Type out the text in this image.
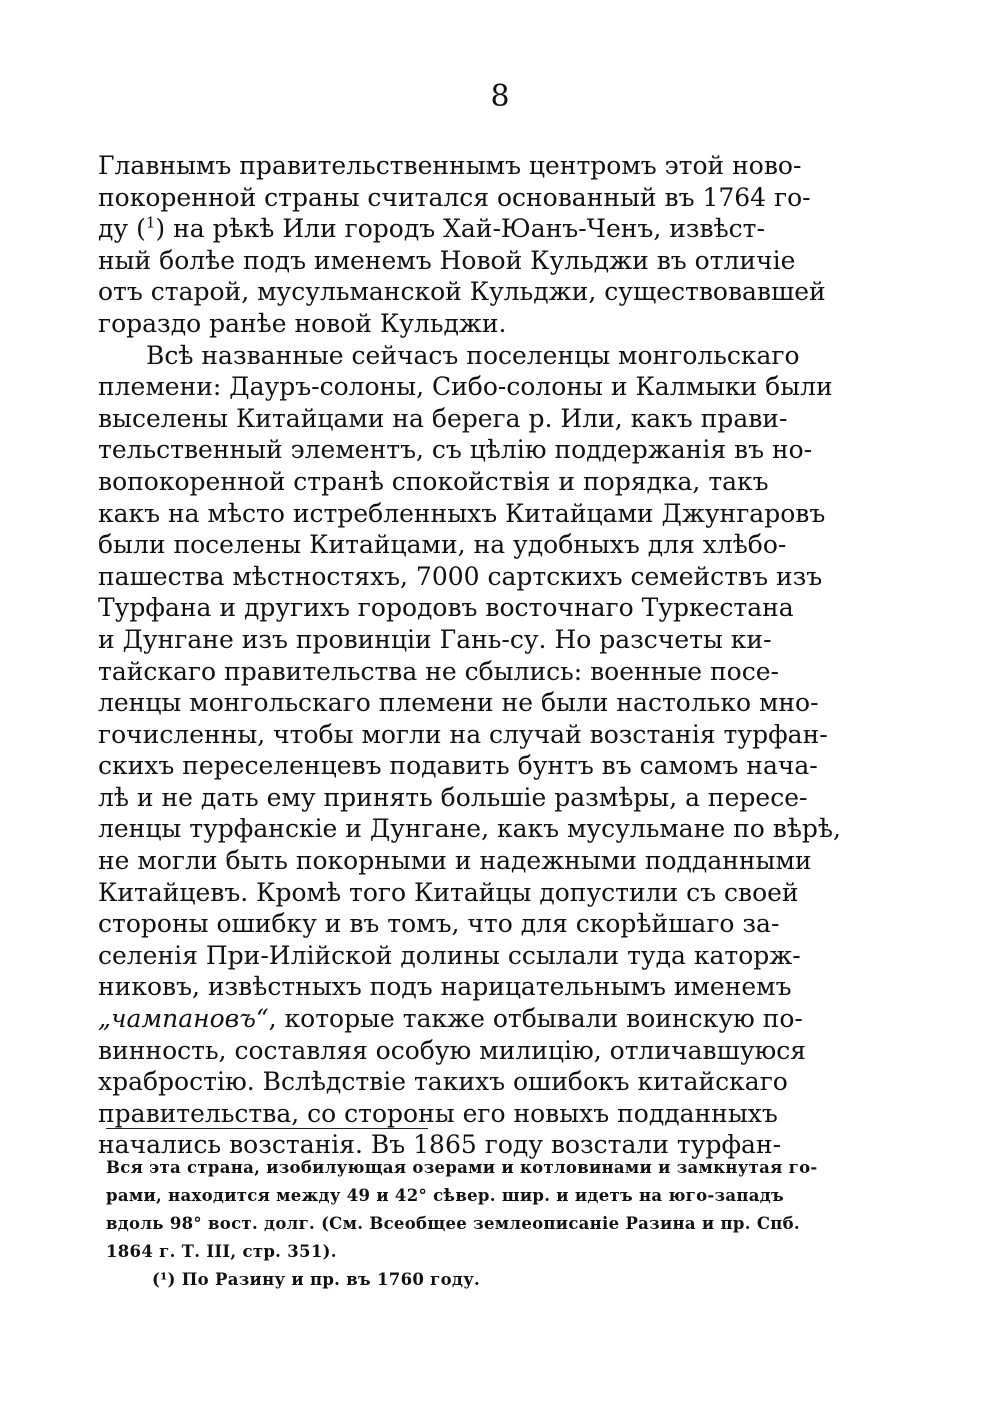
8
Главнымъ правительственнымъ центромъ этой ново-
покоренной страны считался основанный въ 1764 го-
ду ($^1$) на рѣкѣ Или городъ Хай-Юанъ-Ченъ, извѣст-
ный болѣе подъ именемъ Новой Кульджи въ отличіе
отъ старой, мусульманской Кульджи, существовавшей
гораздо ранѣе новой Кульджи.
Всѣ названные сейчасъ поселенцы монгольскаго
племени: Дауръ-солоны, Сибо-солоны и Калмыки были
выселены Китайцами на берега р. Или, какъ прави-
тельственный элементъ, съ цѣлію поддержанія въ но-
вопокоренной странѣ спокойствія и порядка, такъ
какъ на мѣсто истребленныхъ Китайцами Джунгаровъ
были поселены Китайцами, на удобныхъ для хлѣбо-
пашества мѣстностяхъ, 7000 сартскихъ семействъ изъ
Турфана и другихъ городовъ восточнаго Туркестана
и Дунгане изъ провинціи Гань-су. Но разсчеты ки-
тайскаго правительства не сбылись: военные посе-
ленцы монгольскаго племени не были настолько мно-
гочисленны, чтобы могли на случай возстанія турфан-
скихъ переселенцевъ подавить бунтъ въ самомъ нача-
лѣ и не дать ему принять большіе размѣры, а пересе-
ленцы турфанскіе и Дунгане, какъ мусульмане по вѣрѣ,
не могли быть покорными и надежными подданными
Китайцевъ. Кромѣ того Китайцы допустили съ своей
стороны ошибку и въ томъ, что для скорѣйшаго за-
селенія При-Илійской долины ссылали туда каторж-
никовъ, извѣстныхъ подъ нарицательнымъ именемъ
„чампановъ“, которые также отбывали воинскую по-
винность, составляя особую милицію, отличавшуюся
храбростію. Вслѣдствіе такихъ ошибокъ китайскаго
правительства, со стороны его новыхъ подданныхъ
начались возстанія. Въ 1865 году возстали турфан-
Вся эта страна, изобилующая озерами и котловинами и замкнутая го-
рами, находится между 49 и 42° сѣвер. шир. и идетъ на юго-западъ
вдоль 98° вост. долг. (См. Всеобщее землеописаніе Разина и пр. Спб.
1864 г. Т. III, стр. 351).
(¹) По Разину и пр. въ 1760 году.
